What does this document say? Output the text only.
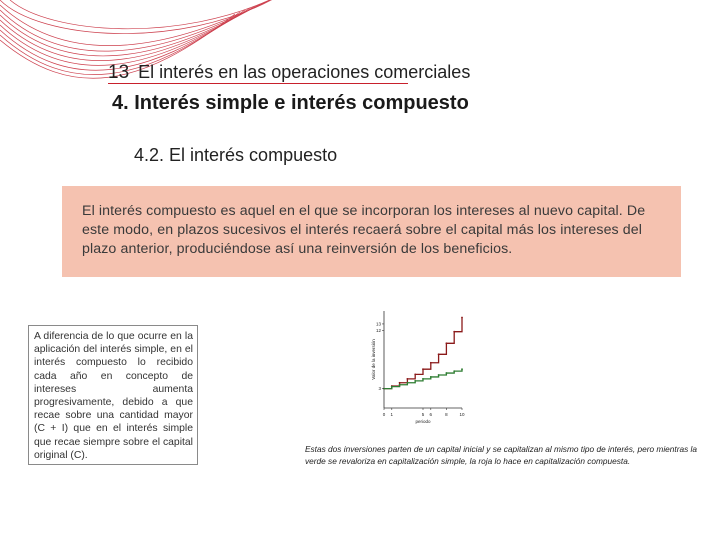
13 El interés en las operaciones comerciales
4. Interés simple e interés compuesto
4.2. El interés compuesto

El interés compuesto es aquel en el que se incorporan los intereses al nuevo capital. De este modo, en plazos sucesivos el interés recaerá sobre el capital más los intereses del plazo anterior, produciéndose así una reinversión de los beneficios.

A diferencia de lo que ocurre en la aplicación del interés simple, en el interés compuesto lo recibido cada año en concepto de intereses aumenta progresivamente, debido a que recae sobre una cantidad mayor (C + I) que en el interés simple que recae siempre sobre el capital original (C).

0 1	5 6	8	10
3
12
13
periodo
Valor de la inversión
Estas dos inversiones parten de un capital inicial y se capitalizan al mismo tipo de interés, pero mientras la verde se revaloriza en capitalización simple, la roja lo hace en capitalización compuesta.
